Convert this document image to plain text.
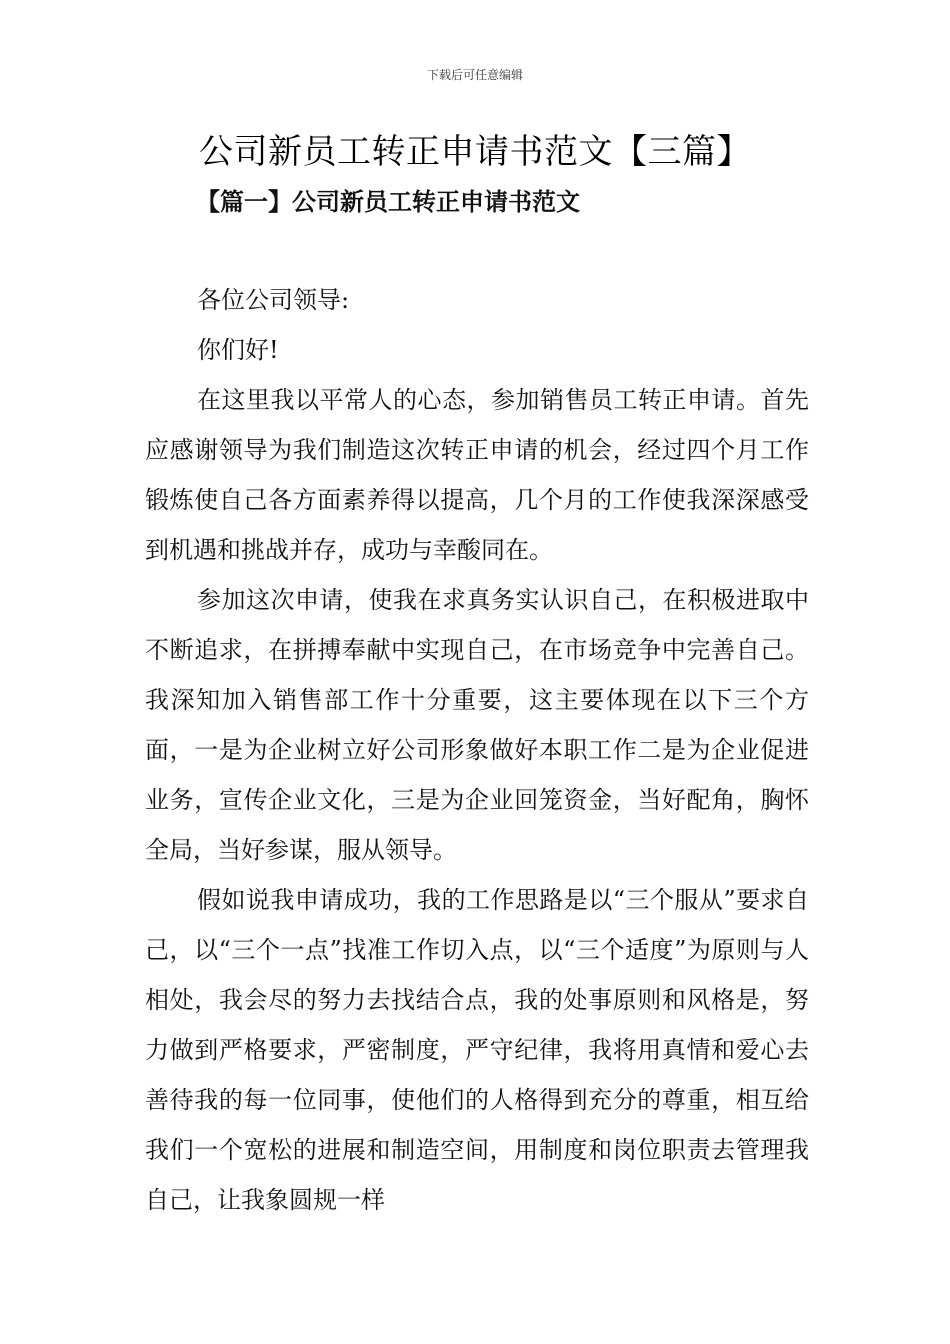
下载后可任意编辑
公司新员工转正申请书范文【三篇】
【篇一】公司新员工转正申请书范文

各位公司领导:

你们好!

在这里我以平常人的心态，参加销售员工转正申请。首先应感谢领导为我们制造这次转正申请的机会，经过四个月工作锻炼使自己各方面素养得以提高，几个月的工作使我深深感受到机遇和挑战并存，成功与幸酸同在。

参加这次申请，使我在求真务实认识自己，在积极进取中不断追求，在拼搏奉献中实现自己，在市场竞争中完善自己。我深知加入销售部工作十分重要，这主要体现在以下三个方面，一是为企业树立好公司形象做好本职工作二是为企业促进业务，宣传企业文化，三是为企业回笼资金，当好配角，胸怀全局，当好参谋，服从领导。

假如说我申请成功，我的工作思路是以“三个服从”要求自己，以“三个一点”找准工作切入点，以“三个适度”为原则与人相处，我会尽的努力去找结合点，我的处事原则和风格是，努力做到严格要求，严密制度，严守纪律，我将用真情和爱心去善待我的每一位同事，使他们的人格得到充分的尊重，相互给我们一个宽松的进展和制造空间，用制度和岗位职责去管理我自己，让我象圆规一样
